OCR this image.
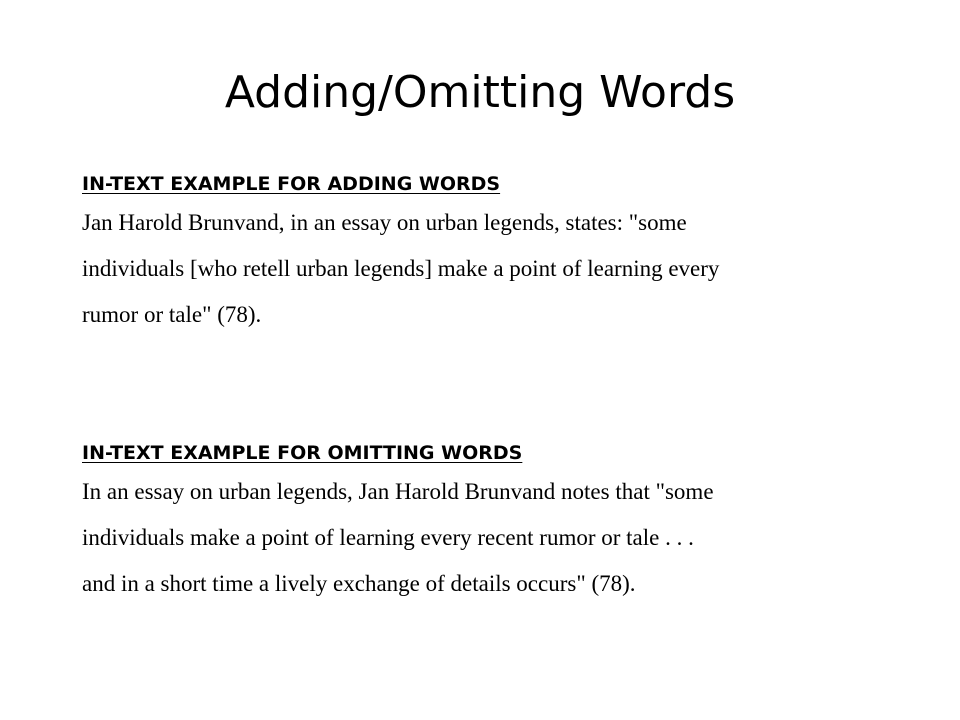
Adding/Omitting Words

IN-TEXT EXAMPLE FOR ADDING WORDS

Jan Harold Brunvand, in an essay on urban legends, states: "some

individuals [who retell urban legends] make a point of learning every

rumor or tale" (78).

IN-TEXT EXAMPLE FOR OMITTING WORDS

In an essay on urban legends, Jan Harold Brunvand notes that "some

individuals make a point of learning every recent rumor or tale . . .

and in a short time a lively exchange of details occurs" (78).
